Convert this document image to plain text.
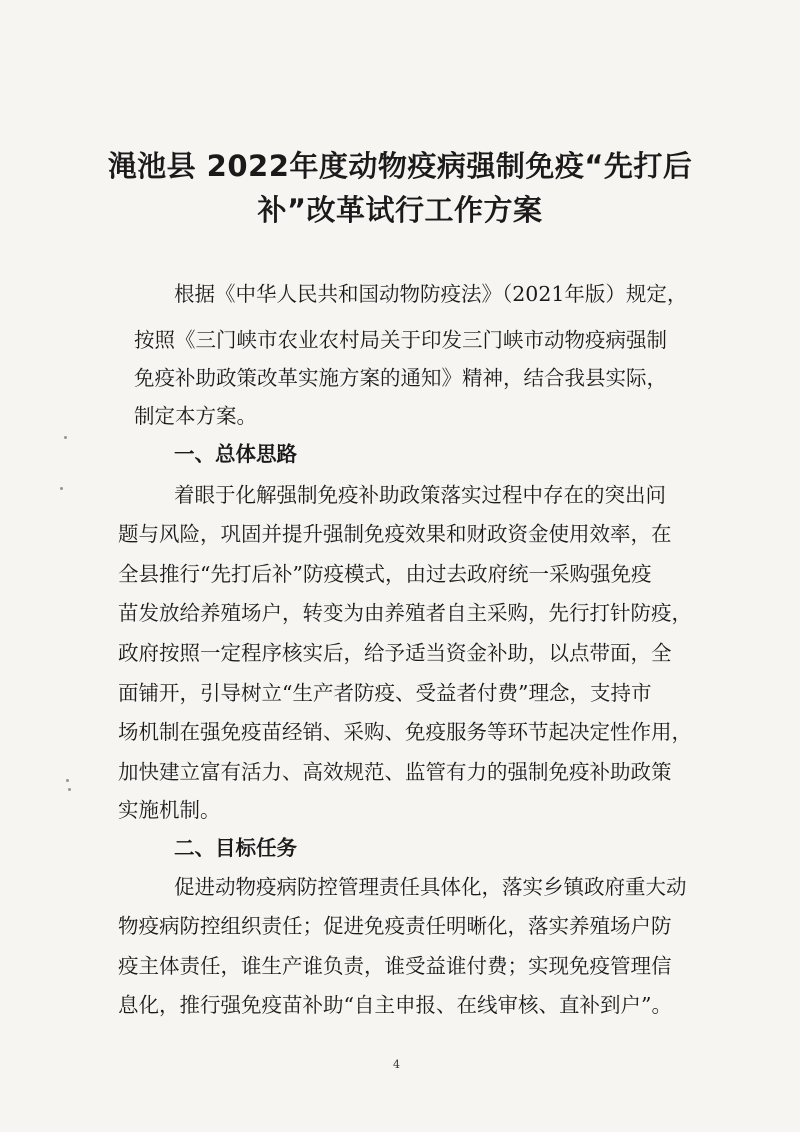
渑池县 2022年度动物疫病强制免疫“先打后
补”改革试行工作方案
根据《中华人民共和国动物防疫法》（2021年版）规定，
按照《三门峡市农业农村局关于印发三门峡市动物疫病强制
免疫补助政策改革实施方案的通知》精神，结合我县实际，
制定本方案。
一、总体思路
着眼于化解强制免疫补助政策落实过程中存在的突出问
题与风险，巩固并提升强制免疫效果和财政资金使用效率，在
全县推行“先打后补”防疫模式，由过去政府统一采购强免疫
苗发放给养殖场户，转变为由养殖者自主采购，先行打针防疫，
政府按照一定程序核实后，给予适当资金补助，以点带面，全
面铺开，引导树立“生产者防疫、受益者付费”理念，支持市
场机制在强免疫苗经销、采购、免疫服务等环节起决定性作用，
加快建立富有活力、高效规范、监管有力的强制免疫补助政策
实施机制。
二、目标任务
促进动物疫病防控管理责任具体化，落实乡镇政府重大动
物疫病防控组织责任；促进免疫责任明晰化，落实养殖场户防
疫主体责任，谁生产谁负责，谁受益谁付费；实现免疫管理信
息化，推行强免疫苗补助“自主申报、在线审核、直补到户”。
4
